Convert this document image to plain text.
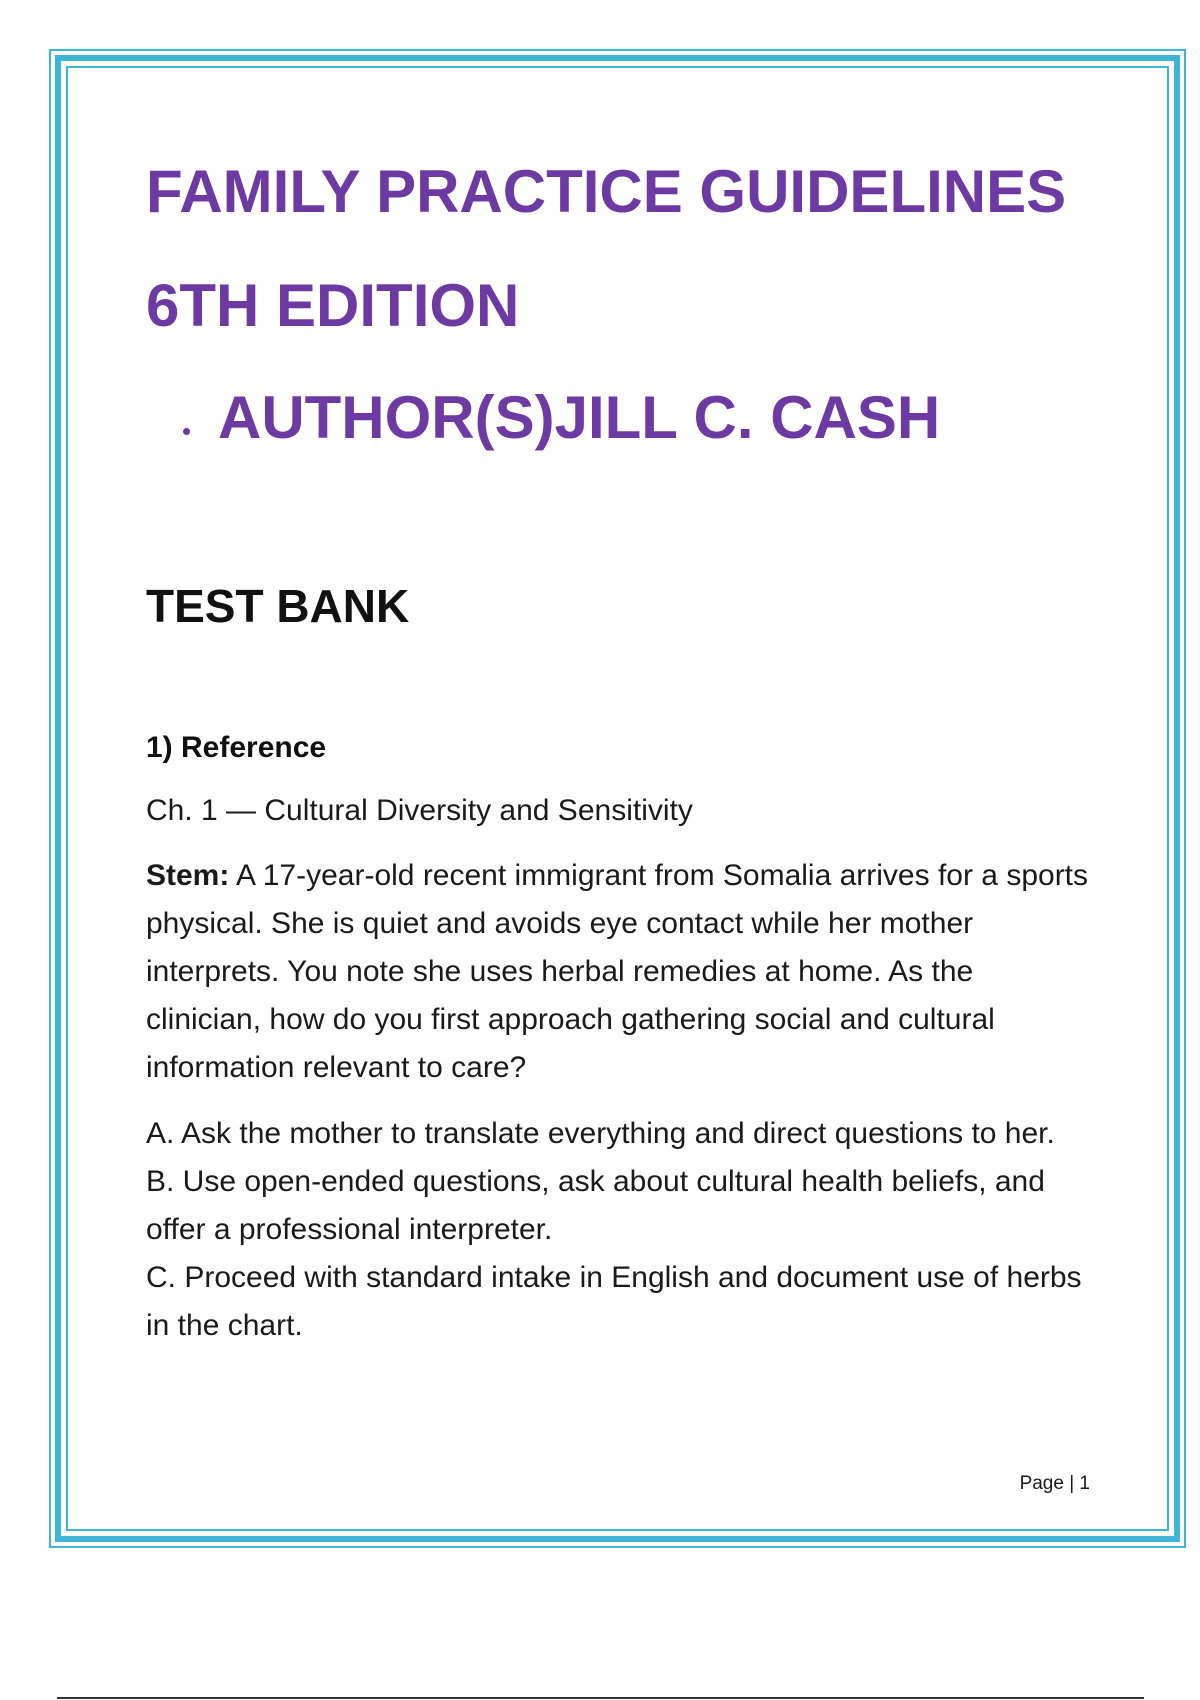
FAMILY PRACTICE GUIDELINES
6TH EDITION
AUTHOR(S)JILL C. CASH
TEST BANK
1) Reference
Ch. 1 — Cultural Diversity and Sensitivity

Stem: A 17-year-old recent immigrant from Somalia arrives for a sports physical. She is quiet and avoids eye contact while her mother interprets. You note she uses herbal remedies at home. As the clinician, how do you first approach gathering social and cultural information relevant to care?

A. Ask the mother to translate everything and direct questions to her.

B. Use open-ended questions, ask about cultural health beliefs, and offer a professional interpreter.

C. Proceed with standard intake in English and document use of herbs in the chart.

Page | 1
